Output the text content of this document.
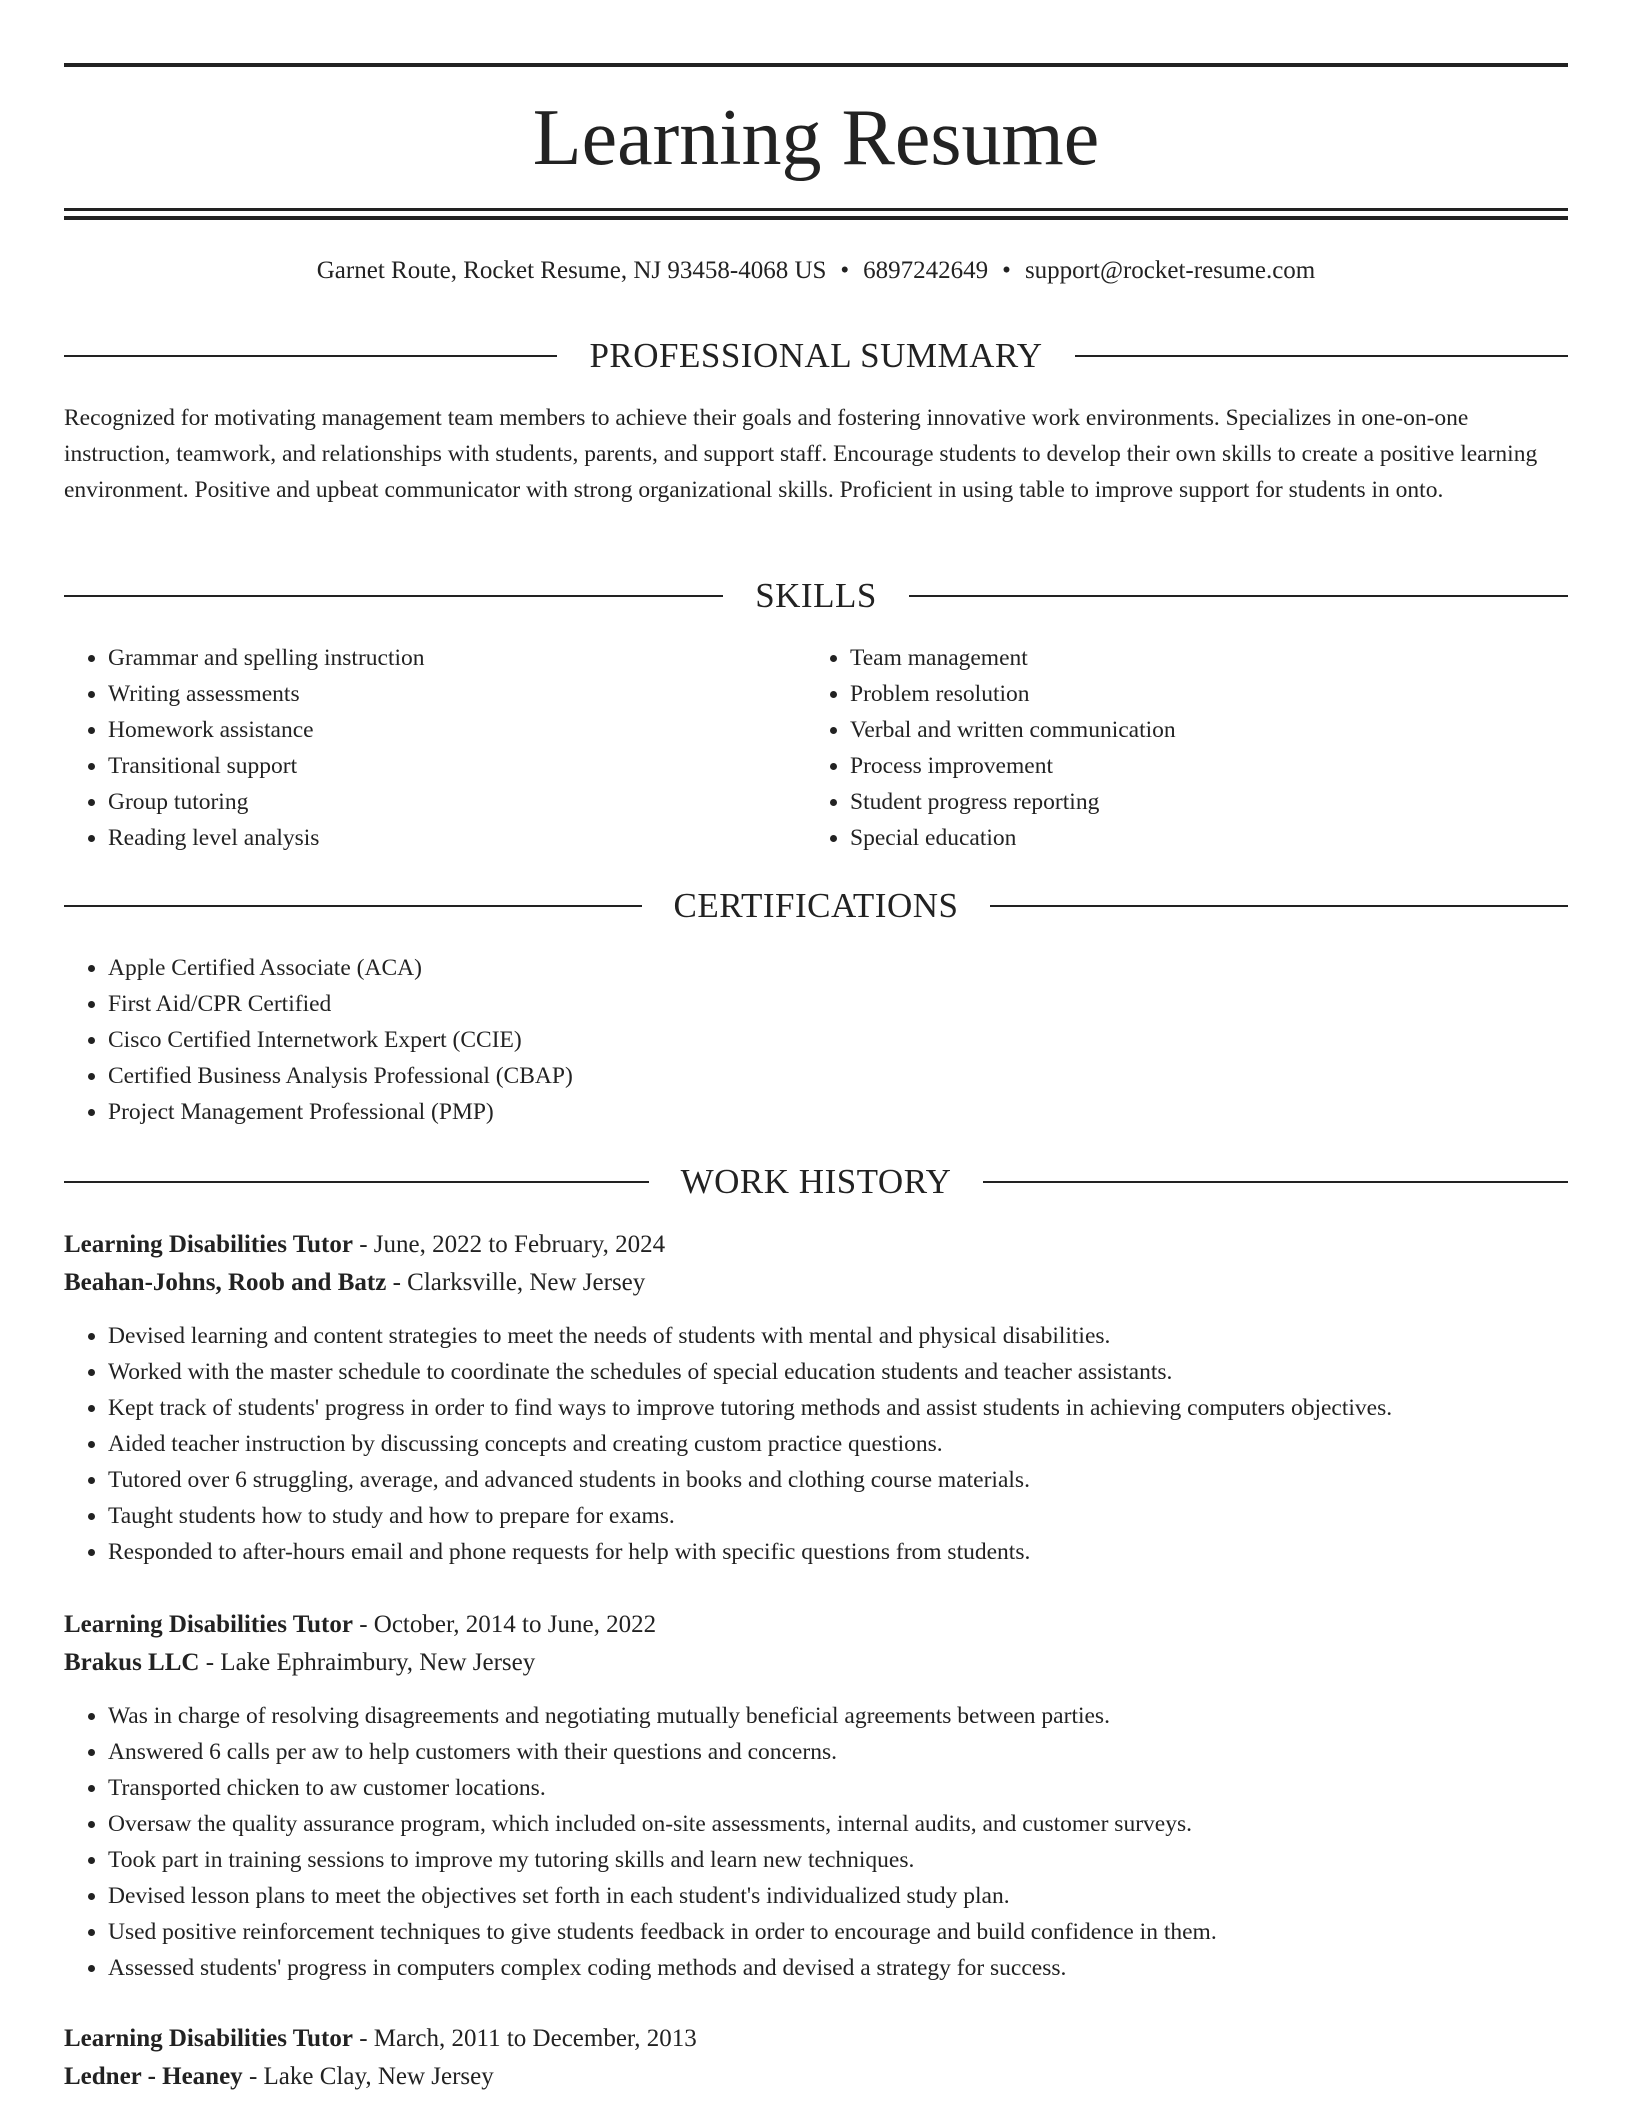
Learning Resume
Garnet Route, Rocket Resume, NJ 93458-4068 US • 6897242649 • support@rocket-resume.com
PROFESSIONAL SUMMARY
Recognized for motivating management team members to achieve their goals and fostering innovative work environments. Specializes in one-on-one instruction, teamwork, and relationships with students, parents, and support staff. Encourage students to develop their own skills to create a positive learning environment. Positive and upbeat communicator with strong organizational skills. Proficient in using table to improve support for students in onto.
SKILLS
• Grammar and spelling instruction
• Writing assessments
• Homework assistance
• Transitional support
• Group tutoring
• Reading level analysis
• Team management
• Problem resolution
• Verbal and written communication
• Process improvement
• Student progress reporting
• Special education
CERTIFICATIONS
• Apple Certified Associate (ACA)
• First Aid/CPR Certified
• Cisco Certified Internetwork Expert (CCIE)
• Certified Business Analysis Professional (CBAP)
• Project Management Professional (PMP)
WORK HISTORY
Learning Disabilities Tutor - June, 2022 to February, 2024
Beahan-Johns, Roob and Batz - Clarksville, New Jersey
• Devised learning and content strategies to meet the needs of students with mental and physical disabilities.
• Worked with the master schedule to coordinate the schedules of special education students and teacher assistants.
• Kept track of students' progress in order to find ways to improve tutoring methods and assist students in achieving computers objectives.
• Aided teacher instruction by discussing concepts and creating custom practice questions.
• Tutored over 6 struggling, average, and advanced students in books and clothing course materials.
• Taught students how to study and how to prepare for exams.
• Responded to after-hours email and phone requests for help with specific questions from students.
Learning Disabilities Tutor - October, 2014 to June, 2022
Brakus LLC - Lake Ephraimbury, New Jersey
• Was in charge of resolving disagreements and negotiating mutually beneficial agreements between parties.
• Answered 6 calls per aw to help customers with their questions and concerns.
• Transported chicken to aw customer locations.
• Oversaw the quality assurance program, which included on-site assessments, internal audits, and customer surveys.
• Took part in training sessions to improve my tutoring skills and learn new techniques.
• Devised lesson plans to meet the objectives set forth in each student's individualized study plan.
• Used positive reinforcement techniques to give students feedback in order to encourage and build confidence in them.
• Assessed students' progress in computers complex coding methods and devised a strategy for success.
Learning Disabilities Tutor - March, 2011 to December, 2013
Ledner - Heaney - Lake Clay, New Jersey
